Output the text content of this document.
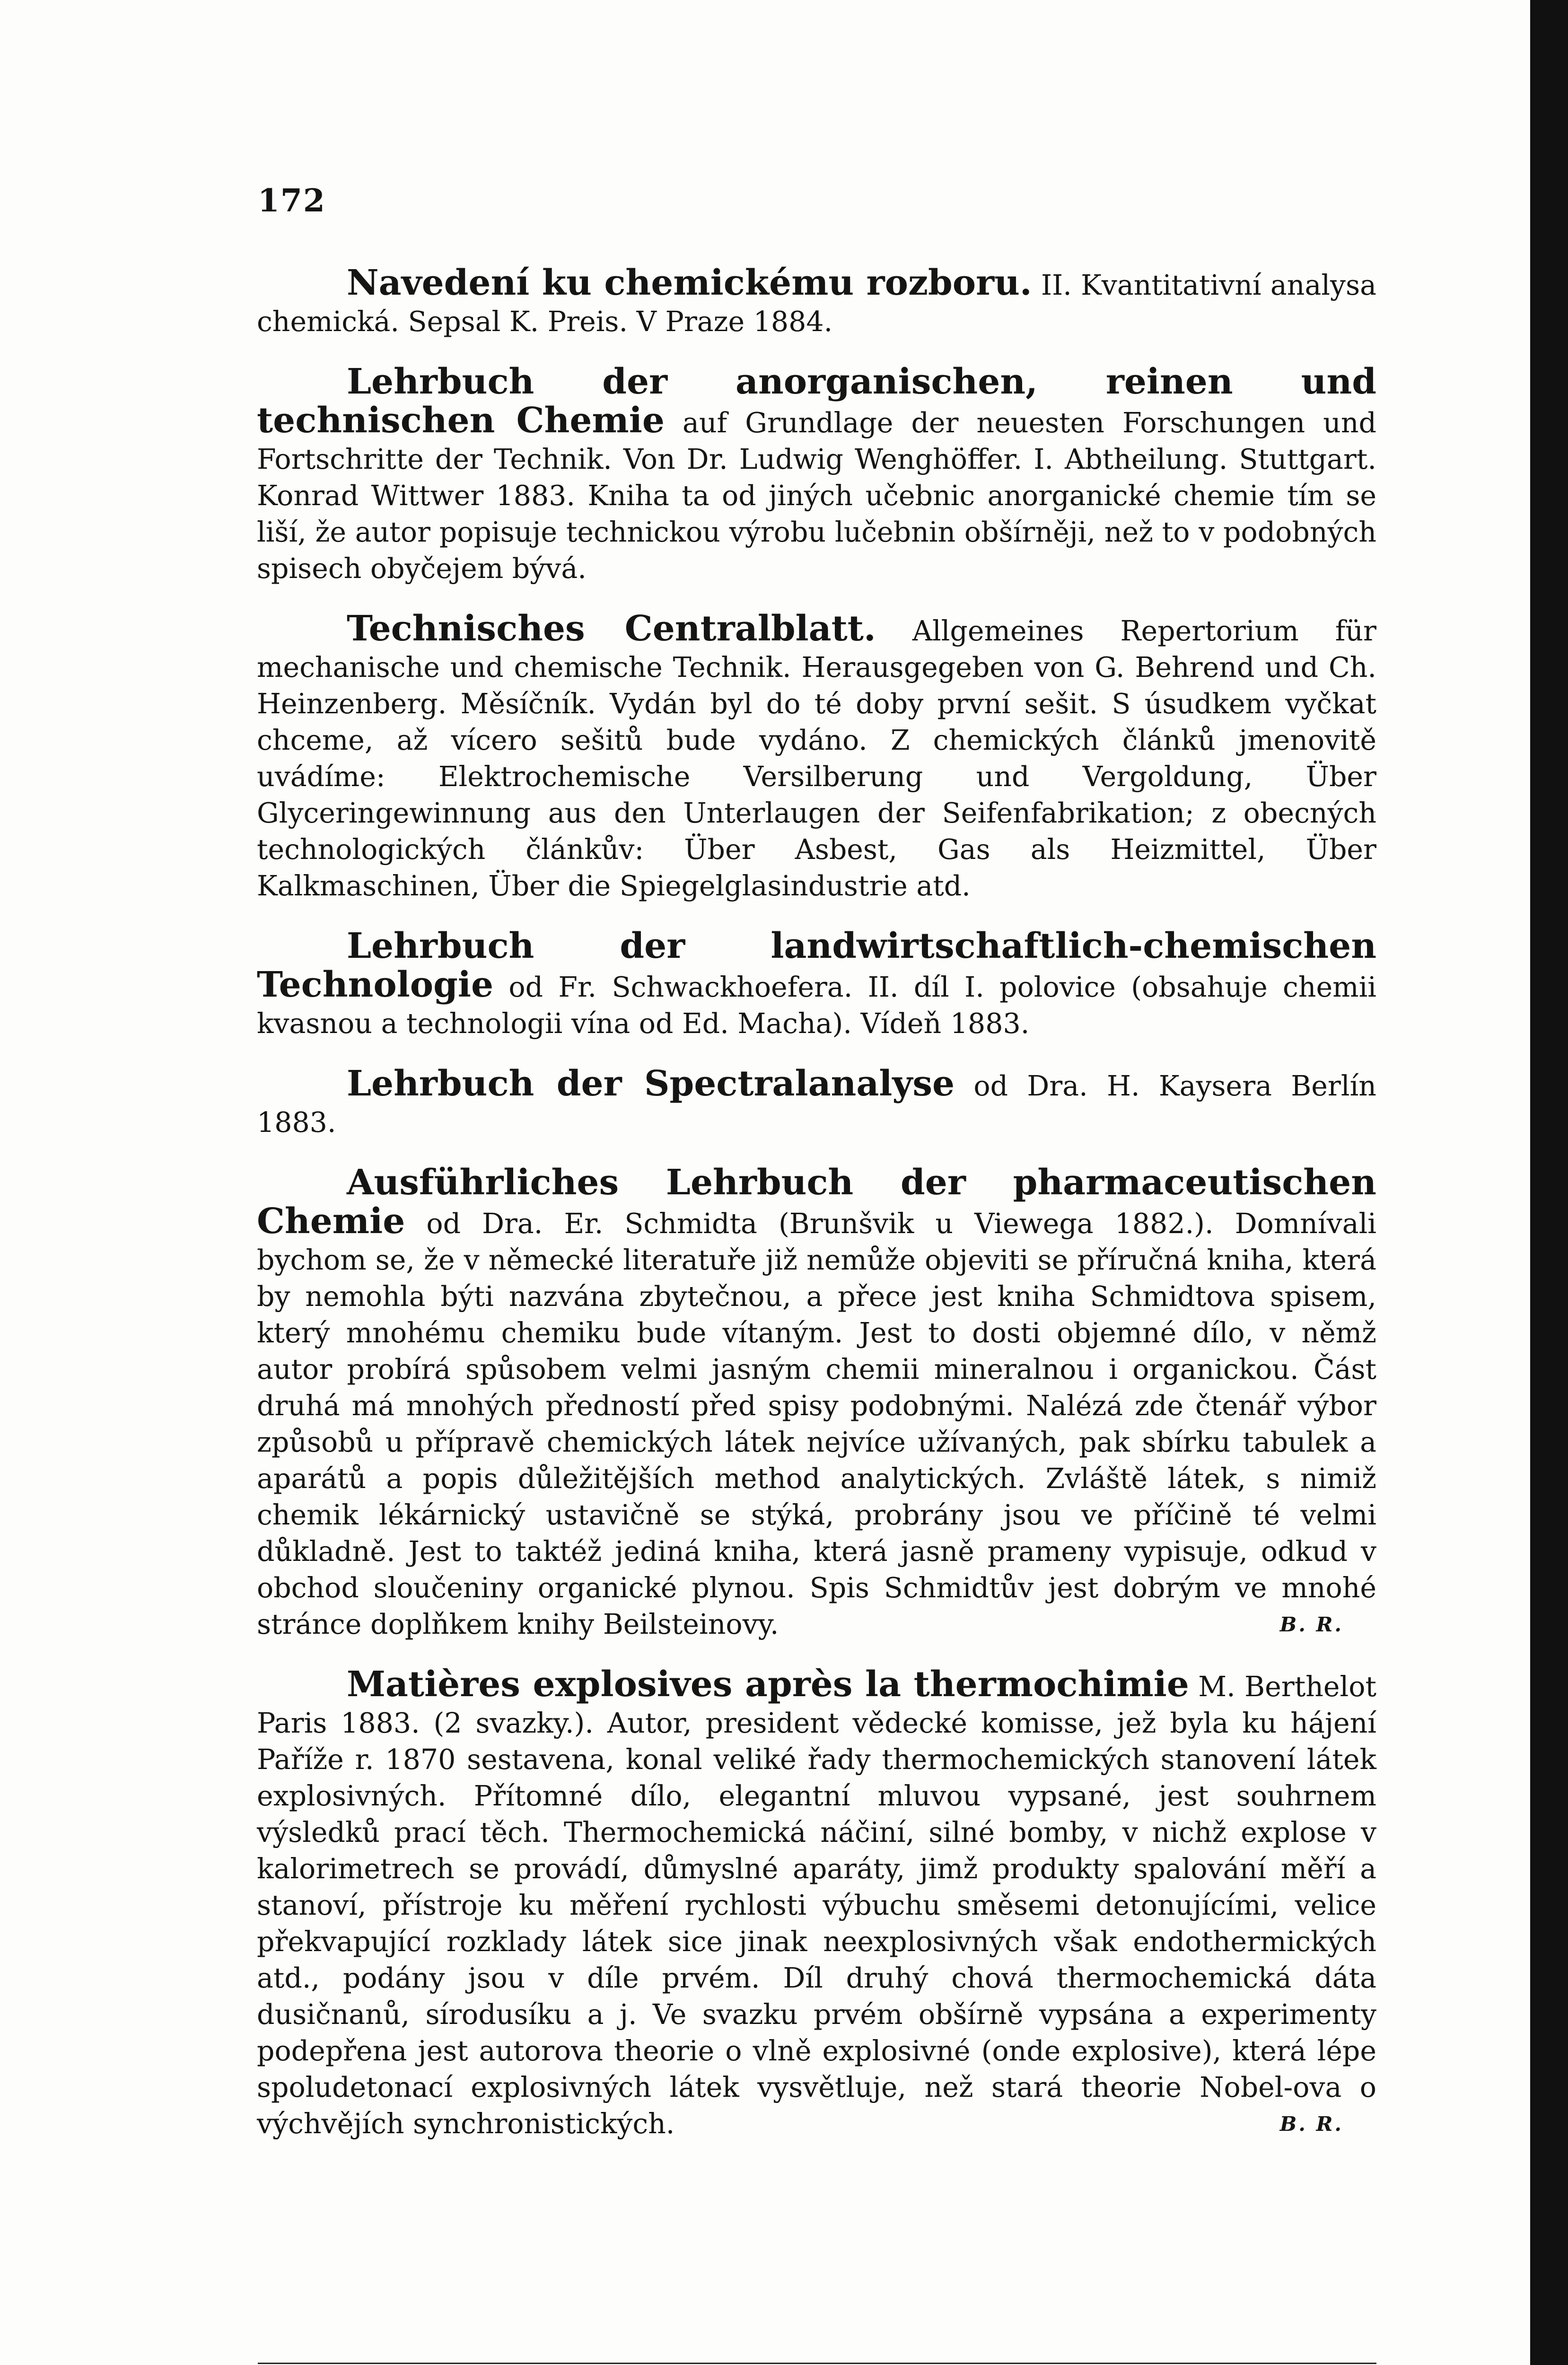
172

Navedení ku chemickému rozboru. II. Kvantitativní analysa chemická. Sepsal K. Preis. V Praze 1884.

Lehrbuch der anorganischen, reinen und technischen Chemie auf Grundlage der neuesten Forschungen und Fortschritte der Technik. Von Dr. Ludwig Wenghöffer. I. Abtheilung. Stuttgart. Konrad Wittwer 1883. Kniha ta od jiných učebnic anorganické chemie tím se liší, že autor popisuje technickou výrobu lučebnin obšírněji, než to v podobných spisech obyčejem bývá.

Technisches Centralblatt. Allgemeines Repertorium für mechanische und chemische Technik. Herausgegeben von G. Behrend und Ch. Heinzenberg. Měsíčník. Vydán byl do té doby první sešit. S úsudkem vyčkat chceme, až vícero sešitů bude vydáno. Z chemických článků jmenovitě uvádíme: Elektrochemische Versilberung und Vergoldung, Über Glyceringewinnung aus den Unterlaugen der Seifenfabrikation; z obecných technologických článkův: Über Asbest, Gas als Heizmittel, Über Kalkmaschinen, Über die Spiegelglasindustrie atd.

Lehrbuch der landwirtschaftlich-chemischen Technologie od Fr. Schwackhoefera. II. díl I. polovice (obsahuje chemii kvasnou a technologii vína od Ed. Macha). Vídeň 1883.

Lehrbuch der Spectralanalyse od Dra. H. Kaysera Berlín 1883.

Ausführliches Lehrbuch der pharmaceutischen Chemie od Dra. Er. Schmidta (Brunšvik u Viewega 1882.). Domnívali bychom se, že v německé literatuře již nemůže objeviti se příručná kniha, která by nemohla býti nazvána zbytečnou, a přece jest kniha Schmidtova spisem, který mnohému chemiku bude vítaným. Jest to dosti objemné dílo, v němž autor probírá spůsobem velmi jasným chemii mineralnou i organickou. Část druhá má mnohých předností před spisy podobnými. Nalézá zde čtenář výbor způsobů u přípravě chemických látek nejvíce užívaných, pak sbírku tabulek a aparátů a popis důležitějších method analytických. Zvláště látek, s nimiž chemik lékárnický ustavičně se stýká, probrány jsou ve příčině té velmi důkladně. Jest to taktéž jediná kniha, která jasně prameny vypisuje, odkud v obchod sloučeniny organické plynou. Spis Schmidtův jest dobrým ve mnohé stránce doplňkem knihy Beilsteinovy.	B. R.

Matières explosives après la thermochimie M. Berthelot Paris 1883. (2 svazky.). Autor, president vědecké komisse, jež byla ku hájení Paříže r. 1870 sestavena, konal veliké řady thermochemických stanovení látek explosivných. Přítomné dílo, elegantní mluvou vypsané, jest souhrnem výsledků prací těch. Thermochemická náčiní, silné bomby, v nichž explose v kalorimetrech se provádí, důmyslné aparáty, jimž produkty spalování měří a stanoví, přístroje ku měření rychlosti výbuchu směsemi detonujícími, velice překvapující rozklady látek sice jinak neexplosivných však endothermických atd., podány jsou v díle prvém. Díl druhý chová thermochemická dáta dusičnanů, sírodusíku a j. Ve svazku prvém obšírně vypsána a experimenty podepřena jest autorova theorie o vlně explosivné (onde explosive), která lépe spoludetonací explosivných látek vysvětluje, než stará theorie Nobel-ova o výchvějích synchronistických.	B. R.
